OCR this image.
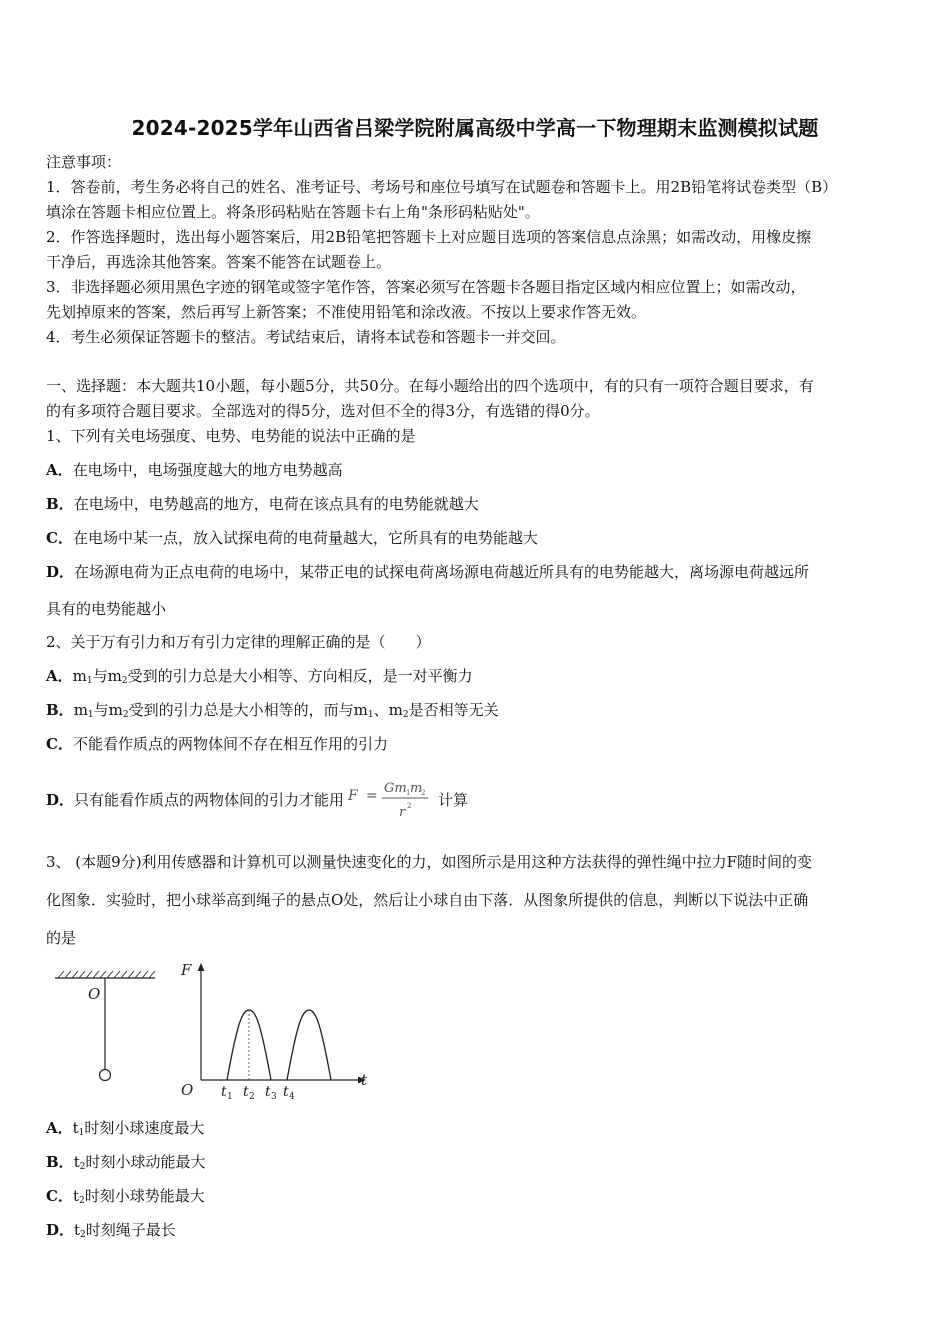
2024-2025学年山西省吕梁学院附属高级中学高一下物理期末监测模拟试题
注意事项：
1．答卷前，考生务必将自己的姓名、准考证号、考场号和座位号填写在试题卷和答题卡上。用2B铅笔将试卷类型（B）
填涂在答题卡相应位置上。将条形码粘贴在答题卡右上角"条形码粘贴处"。
2．作答选择题时，选出每小题答案后，用2B铅笔把答题卡上对应题目选项的答案信息点涂黑；如需改动，用橡皮擦
干净后，再选涂其他答案。答案不能答在试题卷上。
3．非选择题必须用黑色字迹的钢笔或签字笔作答，答案必须写在答题卡各题目指定区域内相应位置上；如需改动，
先划掉原来的答案，然后再写上新答案；不准使用铅笔和涂改液。不按以上要求作答无效。
4．考生必须保证答题卡的整洁。考试结束后，请将本试卷和答题卡一并交回。
一、选择题：本大题共10小题，每小题5分，共50分。在每小题给出的四个选项中，有的只有一项符合题目要求，有
的有多项符合题目要求。全部选对的得5分，选对但不全的得3分，有选错的得0分。
1、下列有关电场强度、电势、电势能的说法中正确的是
A．在电场中，电场强度越大的地方电势越高
B．在电场中，电势越高的地方，电荷在该点具有的电势能就越大
C．在电场中某一点，放入试探电荷的电荷量越大，它所具有的电势能越大
D．在场源电荷为正点电荷的电场中，某带正电的试探电荷离场源电荷越近所具有的电势能越大，离场源电荷越远所
具有的电势能越小
2、关于万有引力和万有引力定律的理解正确的是（　　）
A．$m_1$与$m_2$受到的引力总是大小相等、方向相反，是一对平衡力
B．$m_1$与$m_2$受到的引力总是大小相等的，而与$m_1$、$m_2$是否相等无关
C．不能看作质点的两物体间不存在相互作用的引力
D．只有能看作质点的两物体间的引力才能用 F = Gm 1 m
2
r 2 计算
3、 (本题9分)利用传感器和计算机可以测量快速变化的力，如图所示是用这种方法获得的弹性绳中拉力F随时间的变
化图象．实验时，把小球举高到绳子的悬点O处，然后让小球自由下落．从图象所提供的信息，判断以下说法中正确
的是
O
F
t
O t t t t
1 2 3 4
A．$t_1$时刻小球速度最大
B．$t_2$时刻小球动能最大
C．$t_2$时刻小球势能最大
D．$t_2$时刻绳子最长
